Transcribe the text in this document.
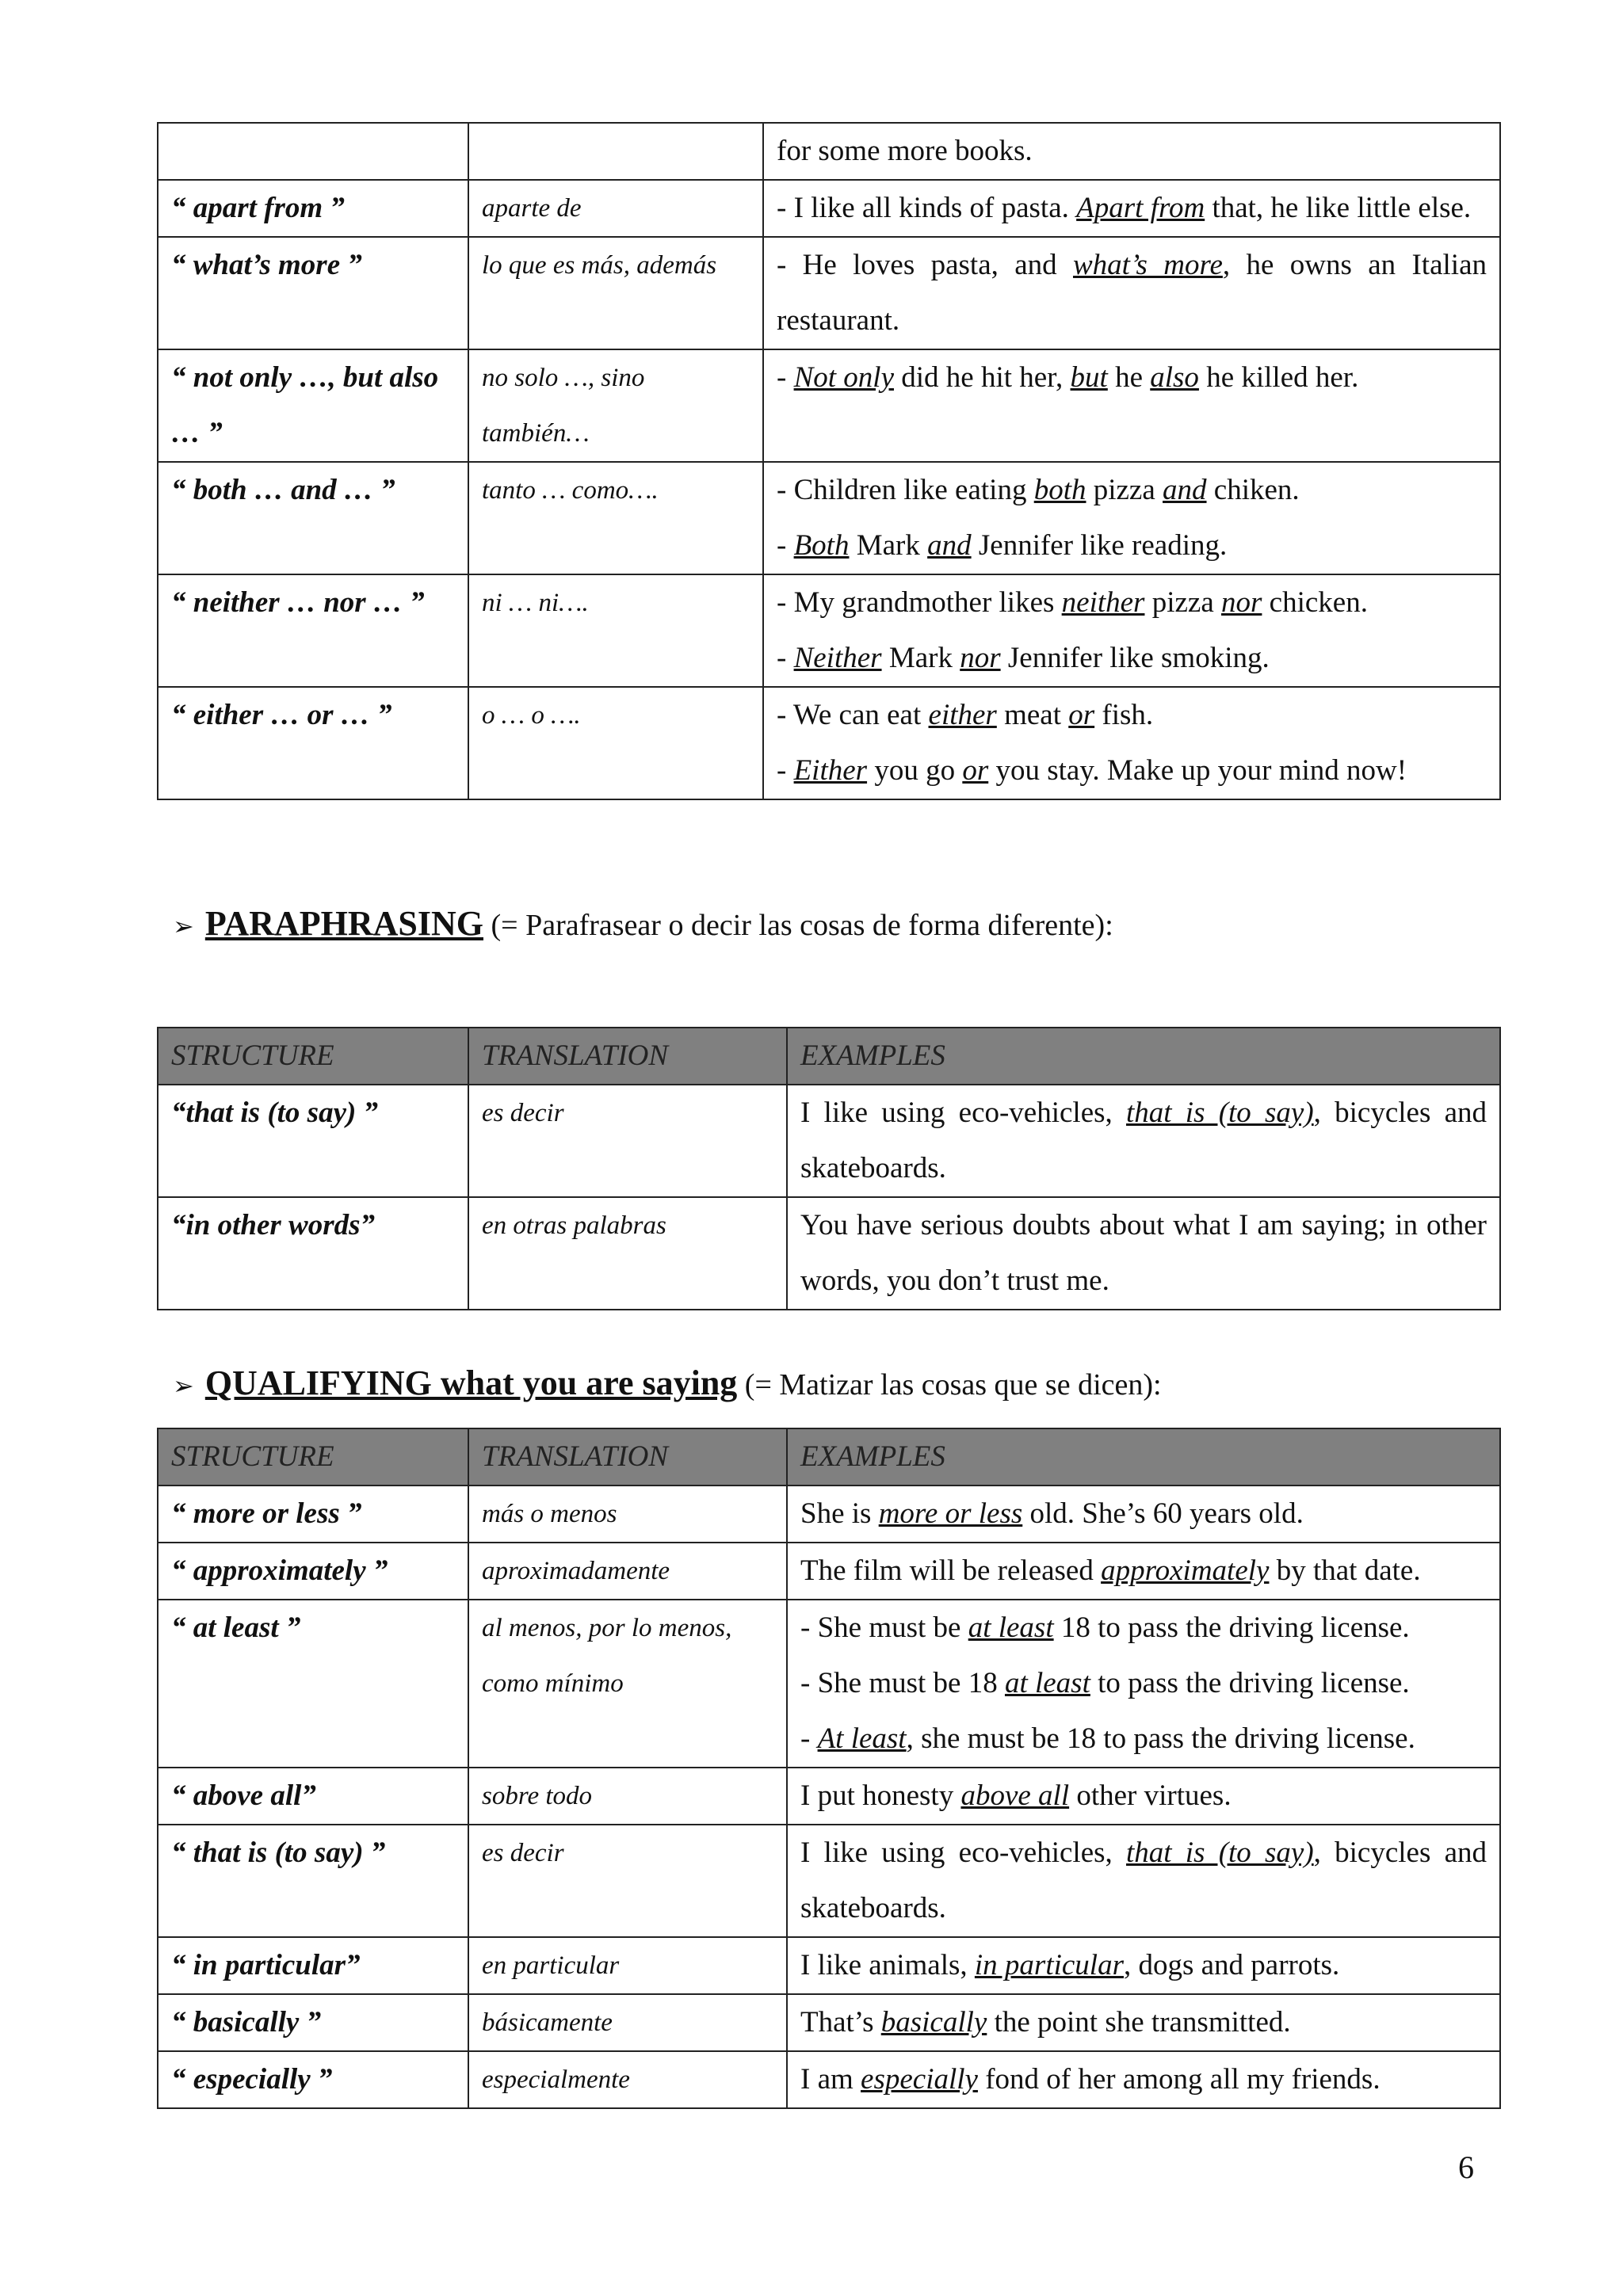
		for some more books.

“ apart from ”	aparte de	- I like all kinds of pasta. Apart from that, he like little else.

“ what’s more ”	lo que es más, además	- He loves pasta, and what’s more, he owns an Italian restaurant.

“ not only …, but also … ”	no solo …, sino también…	- Not only did he hit her, but he also he killed her.

“ both … and … ”	tanto … como….	- Children like eating both pizza and chiken.
- Both Mark and Jennifer like reading.

“ neither … nor … ”	ni … ni….	- My grandmother likes neither pizza nor chicken.
- Neither Mark nor Jennifer like smoking.

“ either … or … ”	o … o ….	- We can eat either meat or fish.
- Either you go or you stay. Make up your mind now!
➢ PARAPHRASING (= Parafrasear o decir las cosas de forma diferente):
STRUCTURE	TRANSLATION	EXAMPLES
“that is (to say) ”	es decir	I like using eco-vehicles, that is (to say), bicycles and skateboards.

“in other words”	en otras palabras	You have serious doubts about what I am saying; in other words, you don’t trust me.
➢ QUALIFYING what you are saying (= Matizar las cosas que se dicen):
STRUCTURE	TRANSLATION	EXAMPLES
“ more or less ”	más o menos	She is more or less old. She’s 60 years old.

“ approximately ”	aproximadamente	The film will be released approximately by that date.

“ at least ”	al menos, por lo menos, como mínimo	- She must be at least 18 to pass the driving license.
- She must be 18 at least to pass the driving license.
- At least, she must be 18 to pass the driving license.

“ above all”	sobre todo	I put honesty above all other virtues.

“ that is (to say) ”	es decir	I like using eco-vehicles, that is (to say), bicycles and skateboards.

“ in particular”	en particular	I like animals, in particular, dogs and parrots.

“ basically ”	básicamente	That’s basically the point she transmitted.

“ especially ”	especialmente	I am especially fond of her among all my friends.
6
